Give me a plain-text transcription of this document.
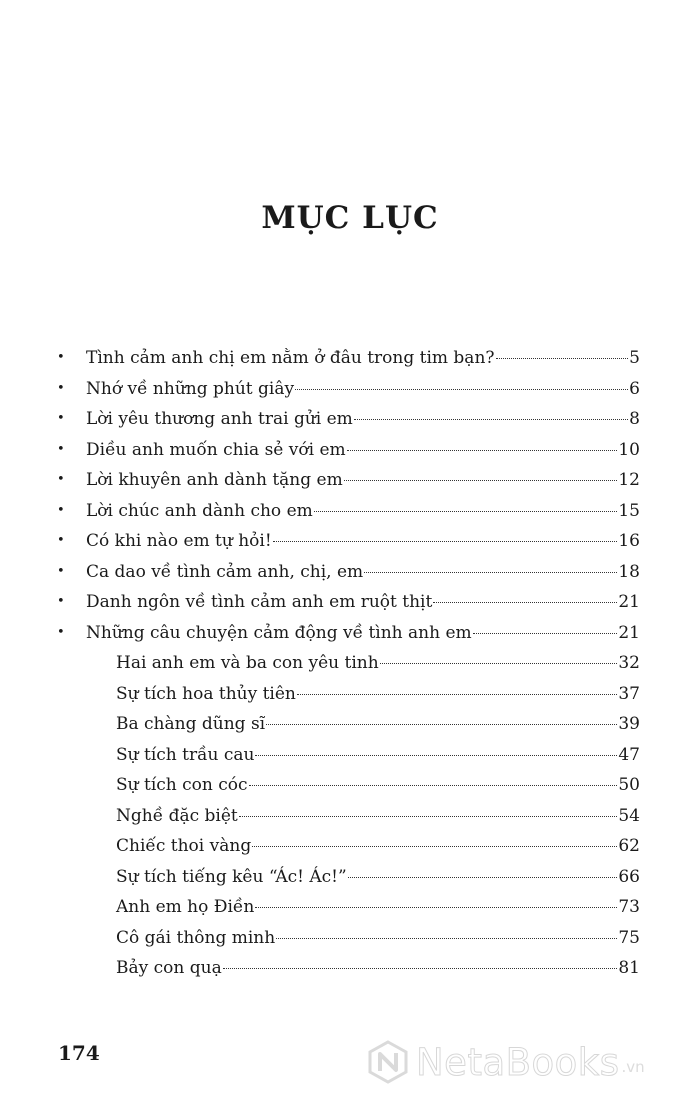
MỤC LỤC
• Tình cảm anh chị em nằm ở đâu trong tim bạn?	5
• Nhớ về những phút giây	6
• Lời yêu thương anh trai gửi em	8
• Diều anh muốn chia sẻ với em	10
• Lời khuyên anh dành tặng em	12
• Lời chúc anh dành cho em	15
• Có khi nào em tự hỏi!	16
• Ca dao về tình cảm anh, chị, em	18
• Danh ngôn về tình cảm anh em ruột thịt	21
• Những câu chuyện cảm động về tình anh em	21
Hai anh em và ba con yêu tinh	32
Sự tích hoa thủy tiên	37
Ba chàng dũng sĩ	39
Sự tích trầu cau	47
Sự tích con cóc	50
Nghề đặc biệt	54
Chiếc thoi vàng	62
Sự tích tiếng kêu “Ác! Ác!”	66
Anh em họ Điền	73
Cô gái thông minh	75
Bảy con quạ	81
174	NetaBooks .vn
